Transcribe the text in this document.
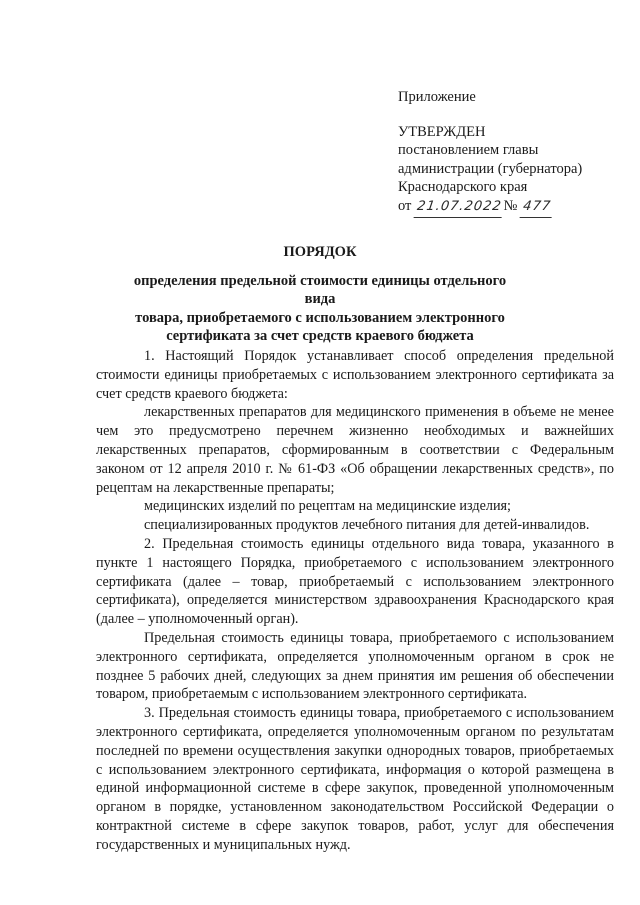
Приложение
УТВЕРЖДЕН
постановлением главы
администрации (губернатора)
Краснодарского края
от 21.07.2022№ 477
ПОРЯДОК
определения предельной стоимости единицы отдельного вида
товара, приобретаемого с использованием электронного
сертификата за счет средств краевого бюджета

1. Настоящий Порядок устанавливает способ определения предельной стоимости единицы приобретаемых с использованием электронного сертификата за счет средств краевого бюджета:

лекарственных препаратов для медицинского применения в объеме не менее чем это предусмотрено перечнем жизненно необходимых и важнейших лекарственных препаратов, сформированным в соответствии с Федеральным законом от 12 апреля 2010 г. № 61-ФЗ «Об обращении лекарственных средств», по рецептам на лекарственные препараты;

медицинских изделий по рецептам на медицинские изделия;

специализированных продуктов лечебного питания для детей-инвалидов.

2. Предельная стоимость единицы отдельного вида товара, указанного в пункте 1 настоящего Порядка, приобретаемого с использованием электронного сертификата (далее – товар, приобретаемый с использованием электронного сертификата), определяется министерством здравоохранения Краснодарского края (далее – уполномоченный орган).

Предельная стоимость единицы товара, приобретаемого с использованием электронного сертификата, определяется уполномоченным органом в срок не позднее 5 рабочих дней, следующих за днем принятия им решения об обеспечении товаром, приобретаемым с использованием электронного сертификата.

3. Предельная стоимость единицы товара, приобретаемого с использованием электронного сертификата, определяется уполномоченным органом по результатам последней по времени осуществления закупки однородных товаров, приобретаемых с использованием электронного сертификата, информация о которой размещена в единой информационной системе в сфере закупок, проведенной уполномоченным органом в порядке, установленном законодательством Российской Федерации о контрактной системе в сфере закупок товаров, работ, услуг для обеспечения государственных и муниципальных нужд.
